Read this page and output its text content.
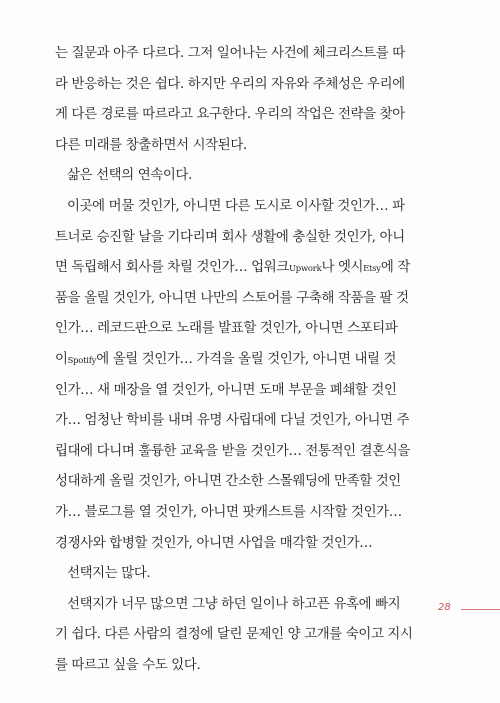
는 질문과 아주 다르다. 그저 일어나는 사건에 체크리스트를 따
라 반응하는 것은 쉽다. 하지만 우리의 자유와 주체성은 우리에
게 다른 경로를 따르라고 요구한다. 우리의 작업은 전략을 찾아
다른 미래를 창출하면서 시작된다.
삶은 선택의 연속이다.
이곳에 머물 것인가, 아니면 다른 도시로 이사할 것인가… 파
트너로 승진할 날을 기다리며 회사 생활에 충실한 것인가, 아니
면 독립해서 회사를 차릴 것인가… 업워크Upwork나 엣시Etsy에 작
품을 올릴 것인가, 아니면 나만의 스토어를 구축해 작품을 팔 것
인가… 레코드판으로 노래를 발표할 것인가, 아니면 스포티파
이Spotify에 올릴 것인가… 가격을 올릴 것인가, 아니면 내릴 것
인가… 새 매장을 열 것인가, 아니면 도매 부문을 폐쇄할 것인
가… 엄청난 학비를 내며 유명 사립대에 다닐 것인가, 아니면 주
립대에 다니며 훌륭한 교육을 받을 것인가… 전통적인 결혼식을
성대하게 올릴 것인가, 아니면 간소한 스몰웨딩에 만족할 것인
가… 블로그를 열 것인가, 아니면 팟캐스트를 시작할 것인가…
경쟁사와 합병할 것인가, 아니면 사업을 매각할 것인가…
선택지는 많다.
선택지가 너무 많으면 그냥 하던 일이나 하고픈 유혹에 빠지
기 쉽다. 다른 사람의 결정에 달린 문제인 양 고개를 숙이고 지시
를 따르고 싶을 수도 있다.
28
